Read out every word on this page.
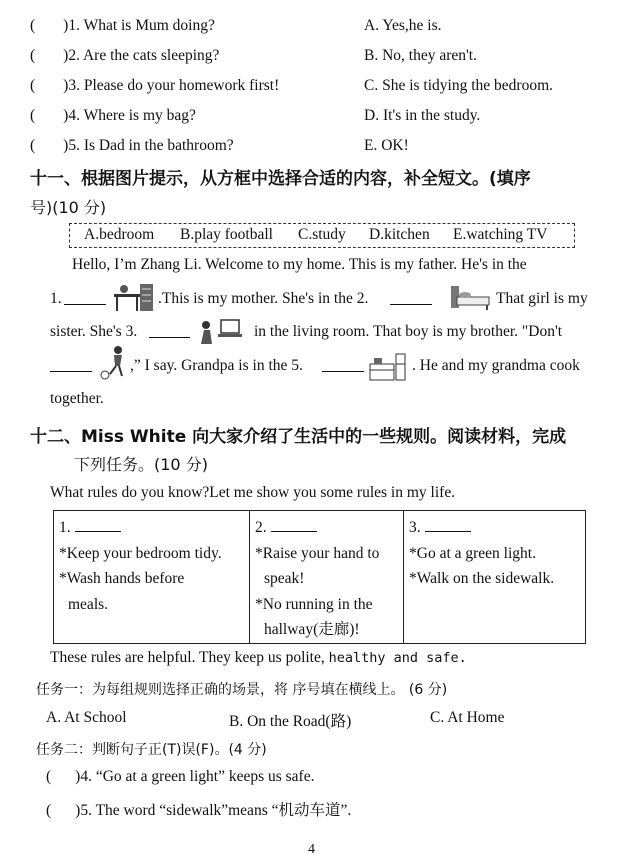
( )1. What is Mum doing?
( )2. Are the cats sleeping?
( )3. Please do your homework first!
( )4. Where is my bag?
( )5. Is Dad in the bathroom?
A. Yes,he is.
B. No, they aren't.
C. She is tidying the bedroom.
D. It's in the study.
E. OK!
十一、根据图片提示，从方框中选择合适的内容，补全短文。(填序
号)(10 分)
A.bedroom B.play football C.study D.kitchen E.watching TV
Hello, I’m Zhang Li. Welcome to my home. This is my father. He's in the
1.	.This is my mother. She's in the 2.	That girl is my
sister. She's 3.	in the living room. That boy is my brother. "Don't
,” I say. Grandpa is in the 5.	. He and my grandma cook
together.
十二、Miss White 向大家介绍了生活中的一些规则。阅读材料，完成
下列任务。(10 分)
What rules do you know?Let me show you some rules in my life.
1.
*Keep your bedroom tidy.
*Wash hands before
meals.

2.
*Raise your hand to
speak!
*No running in the
hallway(走廊)!

3.
*Go at a green light.
*Walk on the sidewalk.
These rules are helpful. They keep us polite, healthy and safe.
任务一：为每组规则选择正确的场景，将 序号填在横线上。 (6 分)
A. At School	B. On the Road(路)	C. At Home
任务二：判断句子正(T)误(F)。(4 分)
( )4. “Go at a green light” keeps us safe.
( )5. The word “sidewalk”means “机动车道”.
4
